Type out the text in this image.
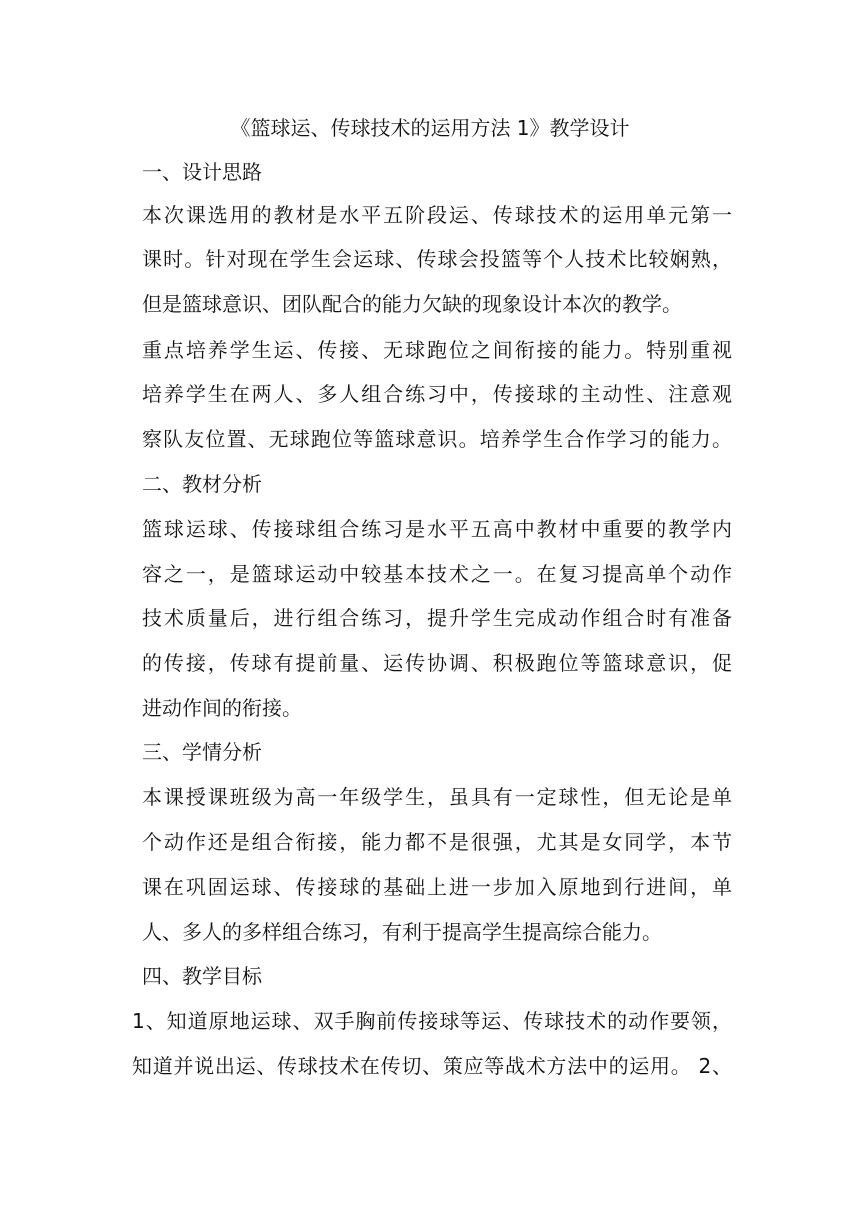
《篮球运、传球技术的运用方法 1》教学设计
一、设计思路
本次课选用的教材是水平五阶段运、传球技术的运用单元第一
课时。针对现在学生会运球、传球会投篮等个人技术比较娴熟，
但是篮球意识、团队配合的能力欠缺的现象设计本次的教学。
重点培养学生运、传接、无球跑位之间衔接的能力。特别重视
培养学生在两人、多人组合练习中，传接球的主动性、注意观
察队友位置、无球跑位等篮球意识。培养学生合作学习的能力。
二、教材分析
篮球运球、传接球组合练习是水平五高中教材中重要的教学内
容之一，是篮球运动中较基本技术之一。在复习提高单个动作
技术质量后，进行组合练习，提升学生完成动作组合时有准备
的传接，传球有提前量、运传协调、积极跑位等篮球意识，促
进动作间的衔接。
三、学情分析
本课授课班级为高一年级学生，虽具有一定球性，但无论是单
个动作还是组合衔接，能力都不是很强，尤其是女同学，本节
课在巩固运球、传接球的基础上进一步加入原地到行进间，单
人、多人的多样组合练习，有利于提高学生提高综合能力。
四、教学目标
1、知道原地运球、双手胸前传接球等运、传球技术的动作要领，
知道并说出运、传球技术在传切、策应等战术方法中的运用。 2、
